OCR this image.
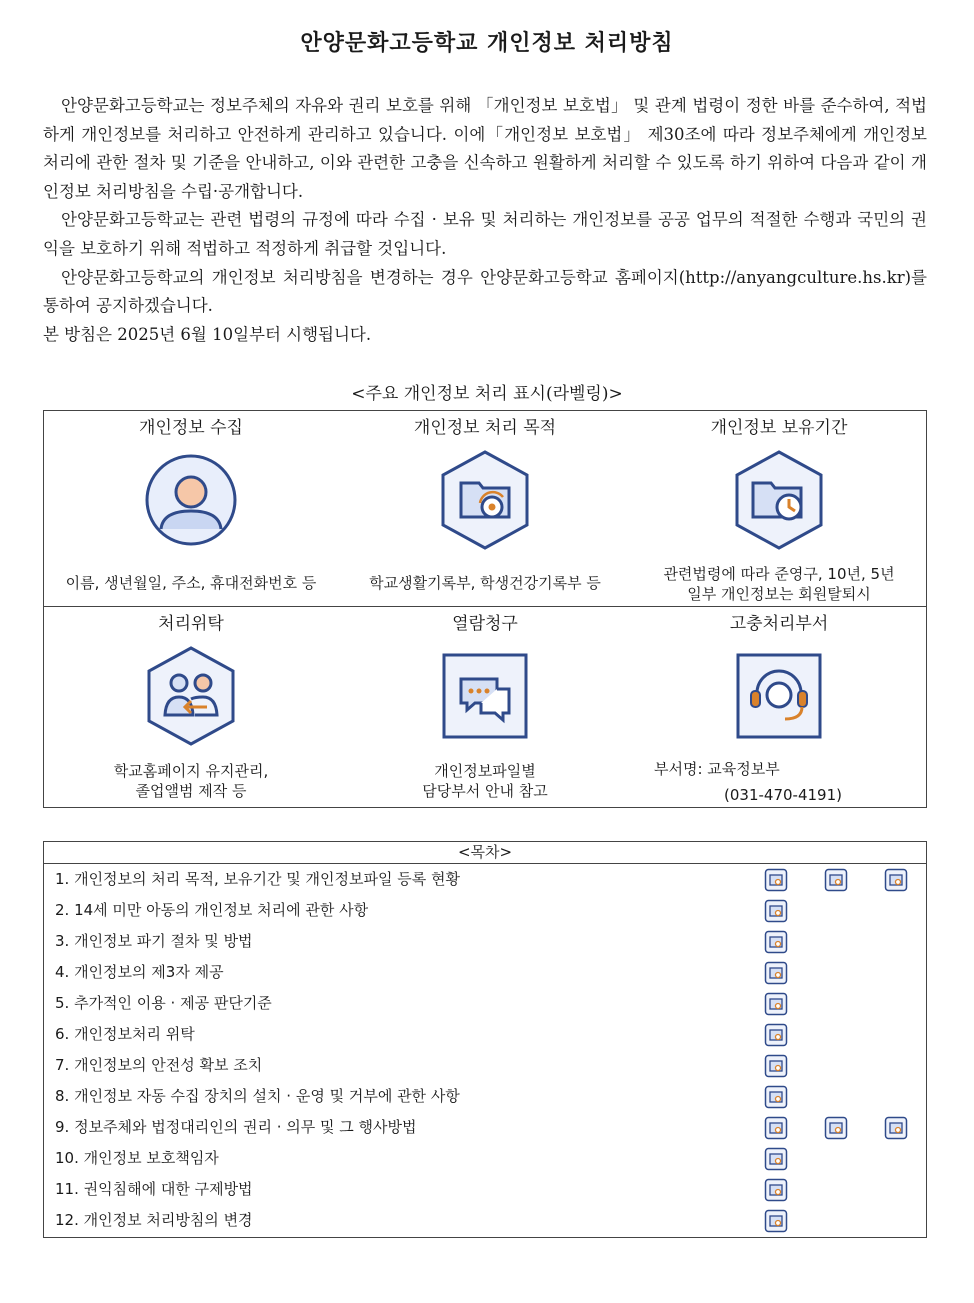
안양문화고등학교 개인정보 처리방침

안양문화고등학교는 정보주체의 자유와 권리 보호를 위해 「개인정보 보호법」 및 관계 법령이 정한 바를 준수하여, 적법하게 개인정보를 처리하고 안전하게 관리하고 있습니다. 이에「개인정보 보호법」 제30조에 따라 정보주체에게 개인정보 처리에 관한 절차 및 기준을 안내하고, 이와 관련한 고충을 신속하고 원활하게 처리할 수 있도록 하기 위하여 다음과 같이 개인정보 처리방침을 수립·공개합니다.

안양문화고등학교는 관련 법령의 규정에 따라 수집 · 보유 및 처리하는 개인정보를 공공 업무의 적절한 수행과 국민의 권익을 보호하기 위해 적법하고 적정하게 취급할 것입니다.

안양문화고등학교의 개인정보 처리방침을 변경하는 경우 안양문화고등학교 홈페이지(http://anyangculture.hs.kr)를 통하여 공지하겠습니다.

본 방침은 2025년 6월 10일부터 시행됩니다.

<주요 개인정보 처리 표시(라벨링)>
개인정보 수집
이름, 생년월일, 주소, 휴대전화번호 등
개인정보 처리 목적
학교생활기록부, 학생건강기록부 등
개인정보 보유기간
관련법령에 따라 준영구, 10년, 5년
일부 개인정보는 회원탈퇴시
처리위탁
학교홈페이지 유지관리,
졸업앨범 제작 등
열람청구
개인정보파일별
담당부서 안내 참고
고충처리부서
부서명: 교육정보부
(031-470-4191)
<목차>
1. 개인정보의 처리 목적, 보유기간 및 개인정보파일 등록 현황
2. 14세 미만 아동의 개인정보 처리에 관한 사항
3. 개인정보 파기 절차 및 방법
4. 개인정보의 제3자 제공
5. 추가적인 이용 · 제공 판단기준
6. 개인정보처리 위탁
7. 개인정보의 안전성 확보 조치
8. 개인정보 자동 수집 장치의 설치 · 운영 및 거부에 관한 사항
9. 정보주체와 법정대리인의 권리 · 의무 및 그 행사방법
10. 개인정보 보호책임자
11. 권익침해에 대한 구제방법
12. 개인정보 처리방침의 변경
